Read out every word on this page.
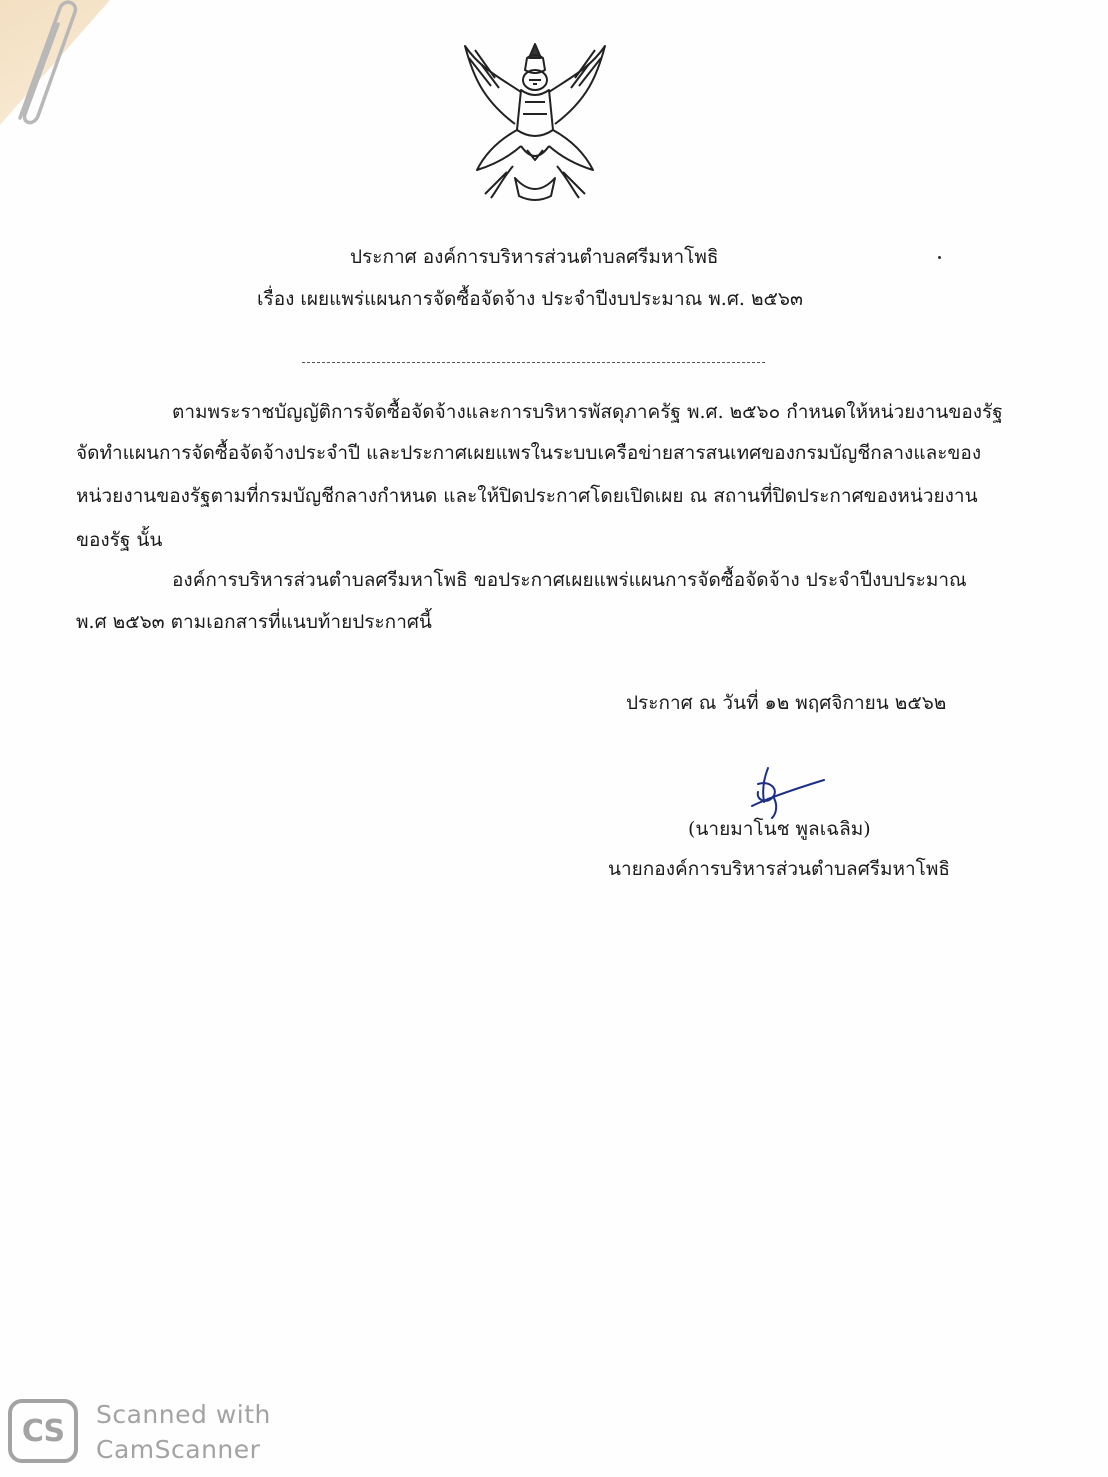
ประกาศ องค์การบริหารส่วนตำบลศรีมหาโพธิ
เรื่อง เผยแพร่แผนการจัดซื้อจัดจ้าง ประจำปีงบประมาณ พ.ศ. ๒๕๖๓
ตามพระราชบัญญัติการจัดซื้อจัดจ้างและการบริหารพัสดุภาครัฐ พ.ศ. ๒๕๖๐ กำหนดให้หน่วยงานของรัฐ
จัดทำแผนการจัดซื้อจัดจ้างประจำปี และประกาศเผยแพรในระบบเครือข่ายสารสนเทศของกรมบัญชีกลางและของ
หน่วยงานของรัฐตามที่กรมบัญชีกลางกำหนด และให้ปิดประกาศโดยเปิดเผย ณ สถานที่ปิดประกาศของหน่วยงาน
ของรัฐ นั้น
องค์การบริหารส่วนตำบลศรีมหาโพธิ ขอประกาศเผยแพร่แผนการจัดซื้อจัดจ้าง ประจำปีงบประมาณ
พ.ศ ๒๕๖๓ ตามเอกสารที่แนบท้ายประกาศนี้
ประกาศ ณ วันที่ ๑๒ พฤศจิกายน ๒๕๖๒
(นายมาโนช พูลเฉลิม)
นายกองค์การบริหารส่วนตำบลศรีมหาโพธิ
CS	Scanned with
CamScanner
